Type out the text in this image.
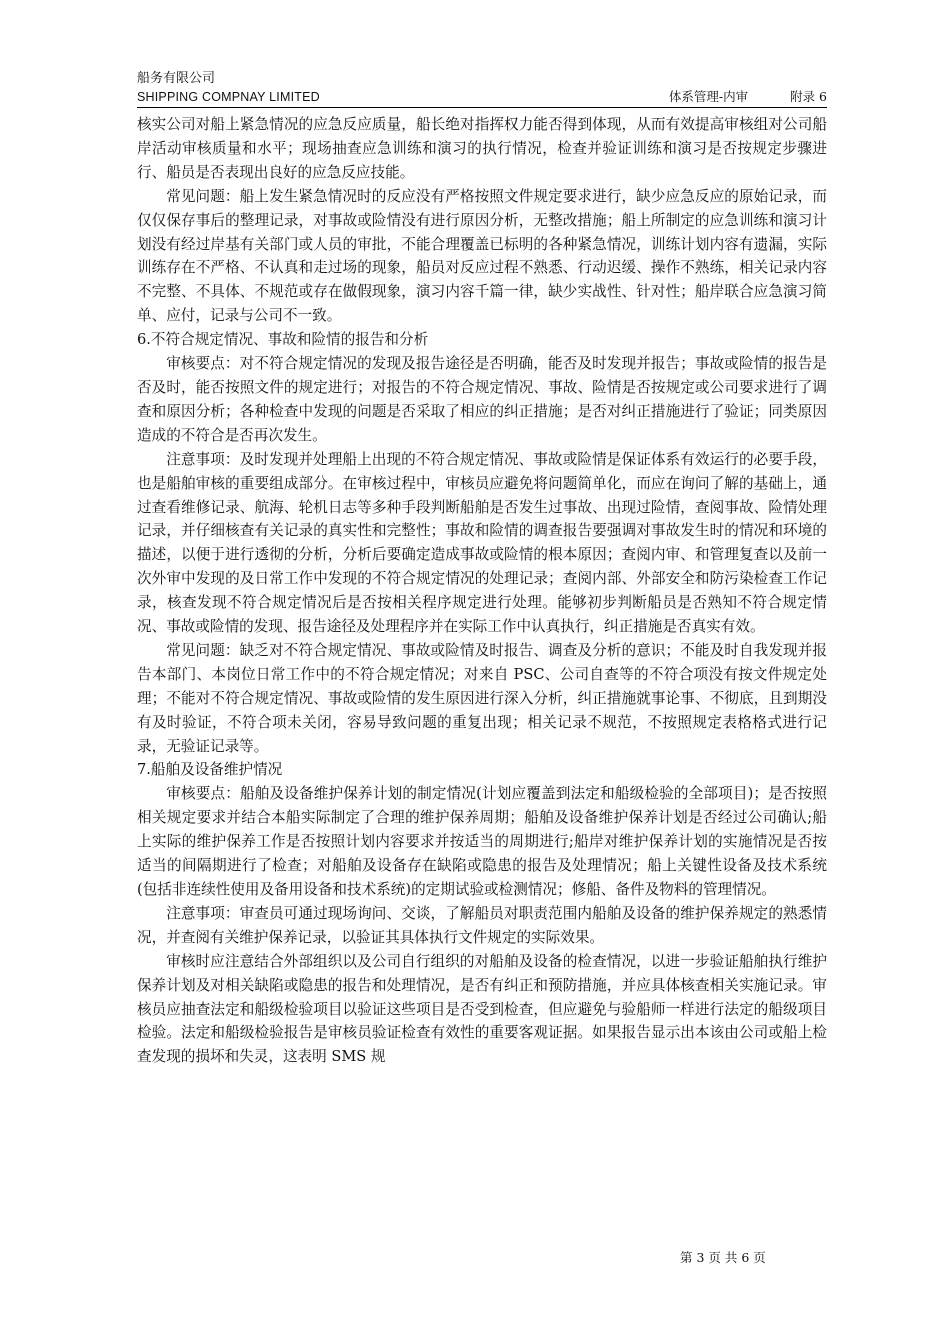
船务有限公司
SHIPPING COMPNAY LIMITED	体系管理-内审	附录 6

核实公司对船上紧急情况的应急反应质量，船长绝对指挥权力能否得到体现，从而有效提高审核组对公司船岸活动审核质量和水平；现场抽查应急训练和演习的执行情况，检查并验证训练和演习是否按规定步骤进行、船员是否表现出良好的应急反应技能。

常见问题：船上发生紧急情况时的反应没有严格按照文件规定要求进行，缺少应急反应的原始记录，而仅仅保存事后的整理记录，对事故或险情没有进行原因分析，无整改措施；船上所制定的应急训练和演习计划没有经过岸基有关部门或人员的审批，不能合理覆盖已标明的各种紧急情况，训练计划内容有遗漏，实际训练存在不严格、不认真和走过场的现象，船员对反应过程不熟悉、行动迟缓、操作不熟练，相关记录内容不完整、不具体、不规范或存在做假现象，演习内容千篇一律，缺少实战性、针对性；船岸联合应急演习简单、应付，记录与公司不一致。

6.不符合规定情况、事故和险情的报告和分析

审核要点：对不符合规定情况的发现及报告途径是否明确，能否及时发现并报告；事故或险情的报告是否及时，能否按照文件的规定进行；对报告的不符合规定情况、事故、险情是否按规定或公司要求进行了调查和原因分析；各种检查中发现的问题是否采取了相应的纠正措施；是否对纠正措施进行了验证；同类原因造成的不符合是否再次发生。

注意事项：及时发现并处理船上出现的不符合规定情况、事故或险情是保证体系有效运行的必要手段，也是船舶审核的重要组成部分。在审核过程中，审核员应避免将问题简单化，而应在询问了解的基础上，通过查看维修记录、航海、轮机日志等多种手段判断船舶是否发生过事故、出现过险情，查阅事故、险情处理记录，并仔细核查有关记录的真实性和完整性；事故和险情的调查报告要强调对事故发生时的情况和环境的描述，以便于进行透彻的分析，分析后要确定造成事故或险情的根本原因；查阅内审、和管理复查以及前一次外审中发现的及日常工作中发现的不符合规定情况的处理记录；查阅内部、外部安全和防污染检查工作记录，核查发现不符合规定情况后是否按相关程序规定进行处理。能够初步判断船员是否熟知不符合规定情况、事故或险情的发现、报告途径及处理程序并在实际工作中认真执行，纠正措施是否真实有效。

常见问题：缺乏对不符合规定情况、事故或险情及时报告、调查及分析的意识；不能及时自我发现并报告本部门、本岗位日常工作中的不符合规定情况；对来自 PSC、公司自查等的不符合项没有按文件规定处理；不能对不符合规定情况、事故或险情的发生原因进行深入分析，纠正措施就事论事、不彻底，且到期没有及时验证，不符合项未关闭，容易导致问题的重复出现；相关记录不规范，不按照规定表格格式进行记录，无验证记录等。

7.船舶及设备维护情况

审核要点：船舶及设备维护保养计划的制定情况(计划应覆盖到法定和船级检验的全部项目)；是否按照相关规定要求并结合本船实际制定了合理的维护保养周期；船舶及设备维护保养计划是否经过公司确认;船上实际的维护保养工作是否按照计划内容要求并按适当的周期进行;船岸对维护保养计划的实施情况是否按适当的间隔期进行了检查；对船舶及设备存在缺陷或隐患的报告及处理情况；船上关键性设备及技术系统(包括非连续性使用及备用设备和技术系统)的定期试验或检测情况；修船、备件及物料的管理情况。

注意事项：审查员可通过现场询问、交谈，了解船员对职责范围内船舶及设备的维护保养规定的熟悉情况，并查阅有关维护保养记录，以验证其具体执行文件规定的实际效果。

审核时应注意结合外部组织以及公司自行组织的对船舶及设备的检查情况，以进一步验证船舶执行维护保养计划及对相关缺陷或隐患的报告和处理情况，是否有纠正和预防措施，并应具体核查相关实施记录。审核员应抽查法定和船级检验项目以验证这些项目是否受到检查，但应避免与验船师一样进行法定的船级项目检验。法定和船级检验报告是审核员验证检查有效性的重要客观证据。如果报告显示出本该由公司或船上检查发现的损坏和失灵，这表明 SMS 规

第 3 页 共 6 页
